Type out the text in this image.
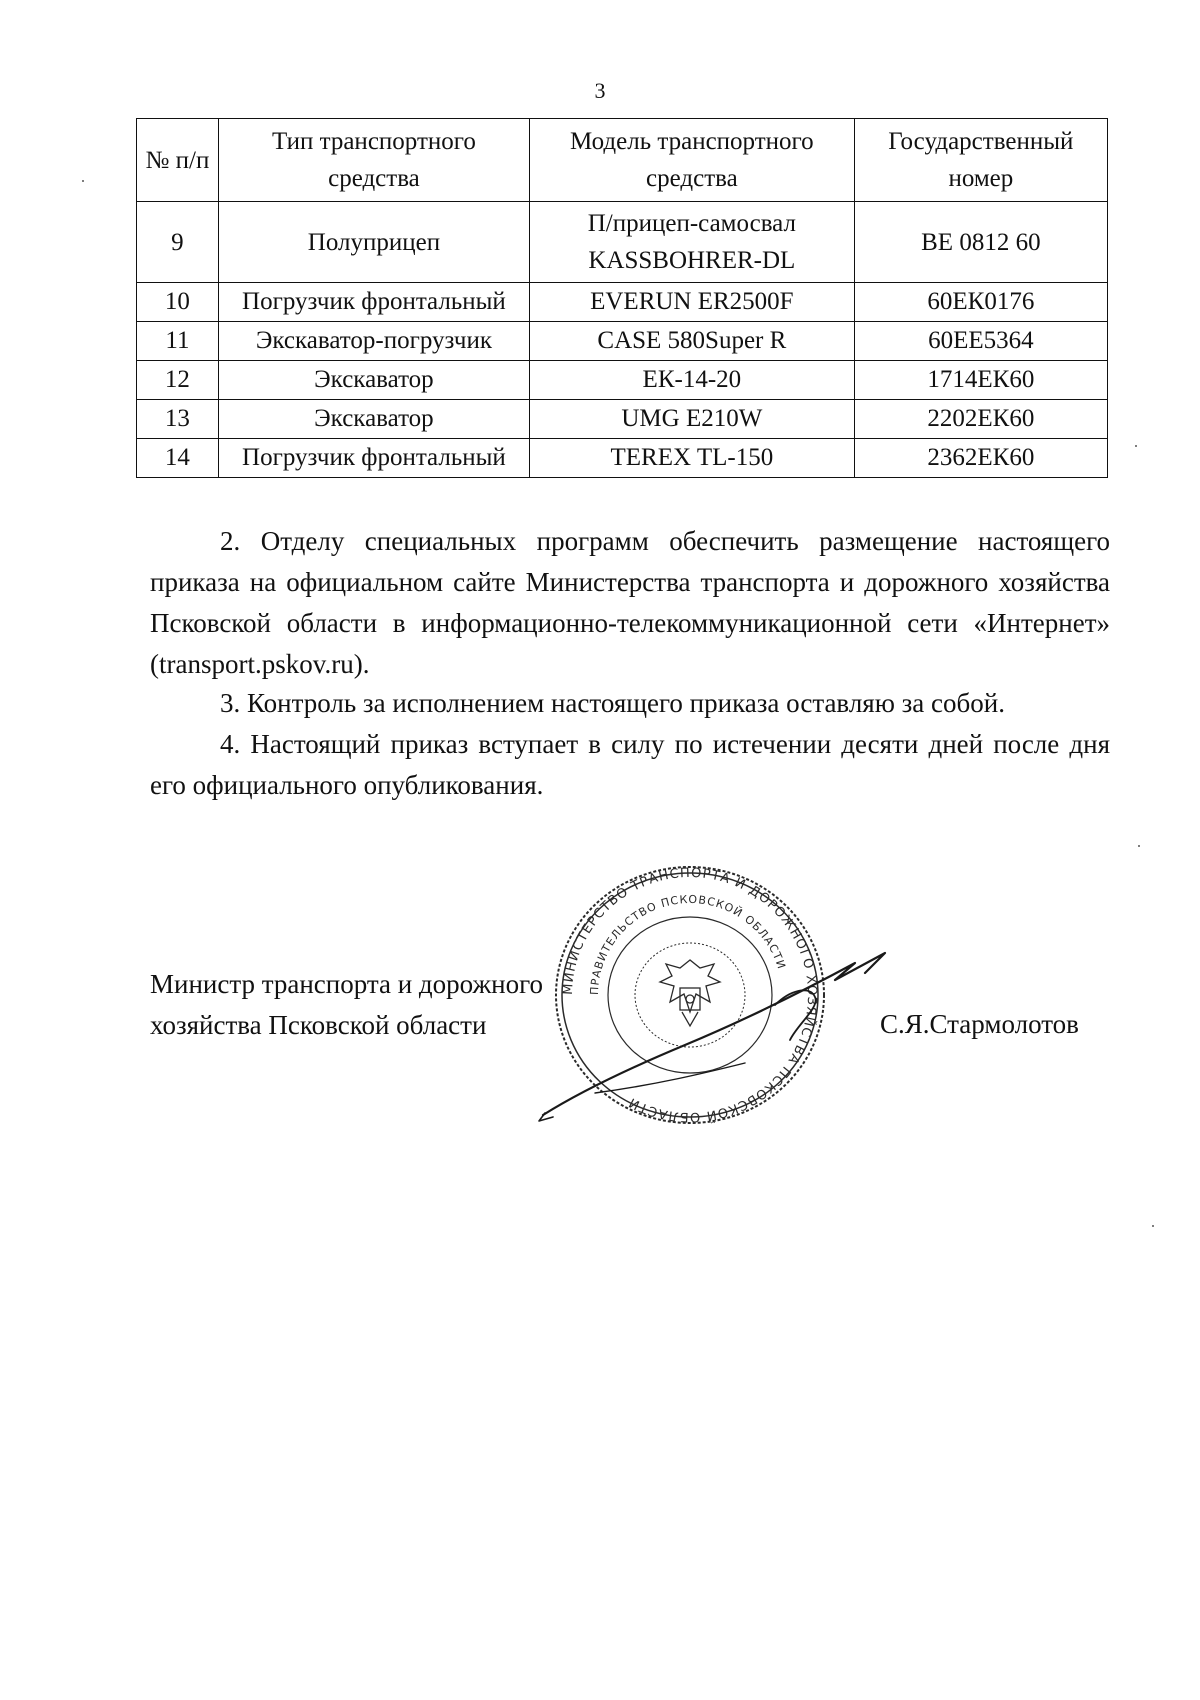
3
№ п/п	Тип транспортного средства	Модель транспортного средства	Государственный номер
9	Полуприцеп	П/прицеп-самосвал KASSBOHRER-DL	BE 0812 60
10	Погрузчик фронтальный	EVERUN ER2500F	60ЕК0176
11	Экскаватор-погрузчик	CASE 580Super R	60ЕЕ5364
12	Экскаватор	ЕК-14-20	1714ЕК60
13	Экскаватор	UMG E210W	2202ЕК60
14	Погрузчик фронтальный	TEREX TL-150	2362ЕК60

2. Отделу специальных программ обеспечить размещение настоящего приказа на официальном сайте Министерства транспорта и дорожного хозяйства Псковской области в информационно-телекоммуникационной сети «Интернет» (transport.pskov.ru).

3. Контроль за исполнением настоящего приказа оставляю за собой.

4. Настоящий приказ вступает в силу по истечении десяти дней после дня его официального опубликования.

МИНИСТЕРСТВО ТРАНСПОРТА И ДОРОЖНОГО ХОЗЯЙСТВА ПСКОВСКОЙ ОБЛАСТИ
ПРАВИТЕЛЬСТВО ПСКОВСКОЙ ОБЛАСТИ
Министр транспорта и дорожного
хозяйства Псковской области	С.Я.Стармолотов
